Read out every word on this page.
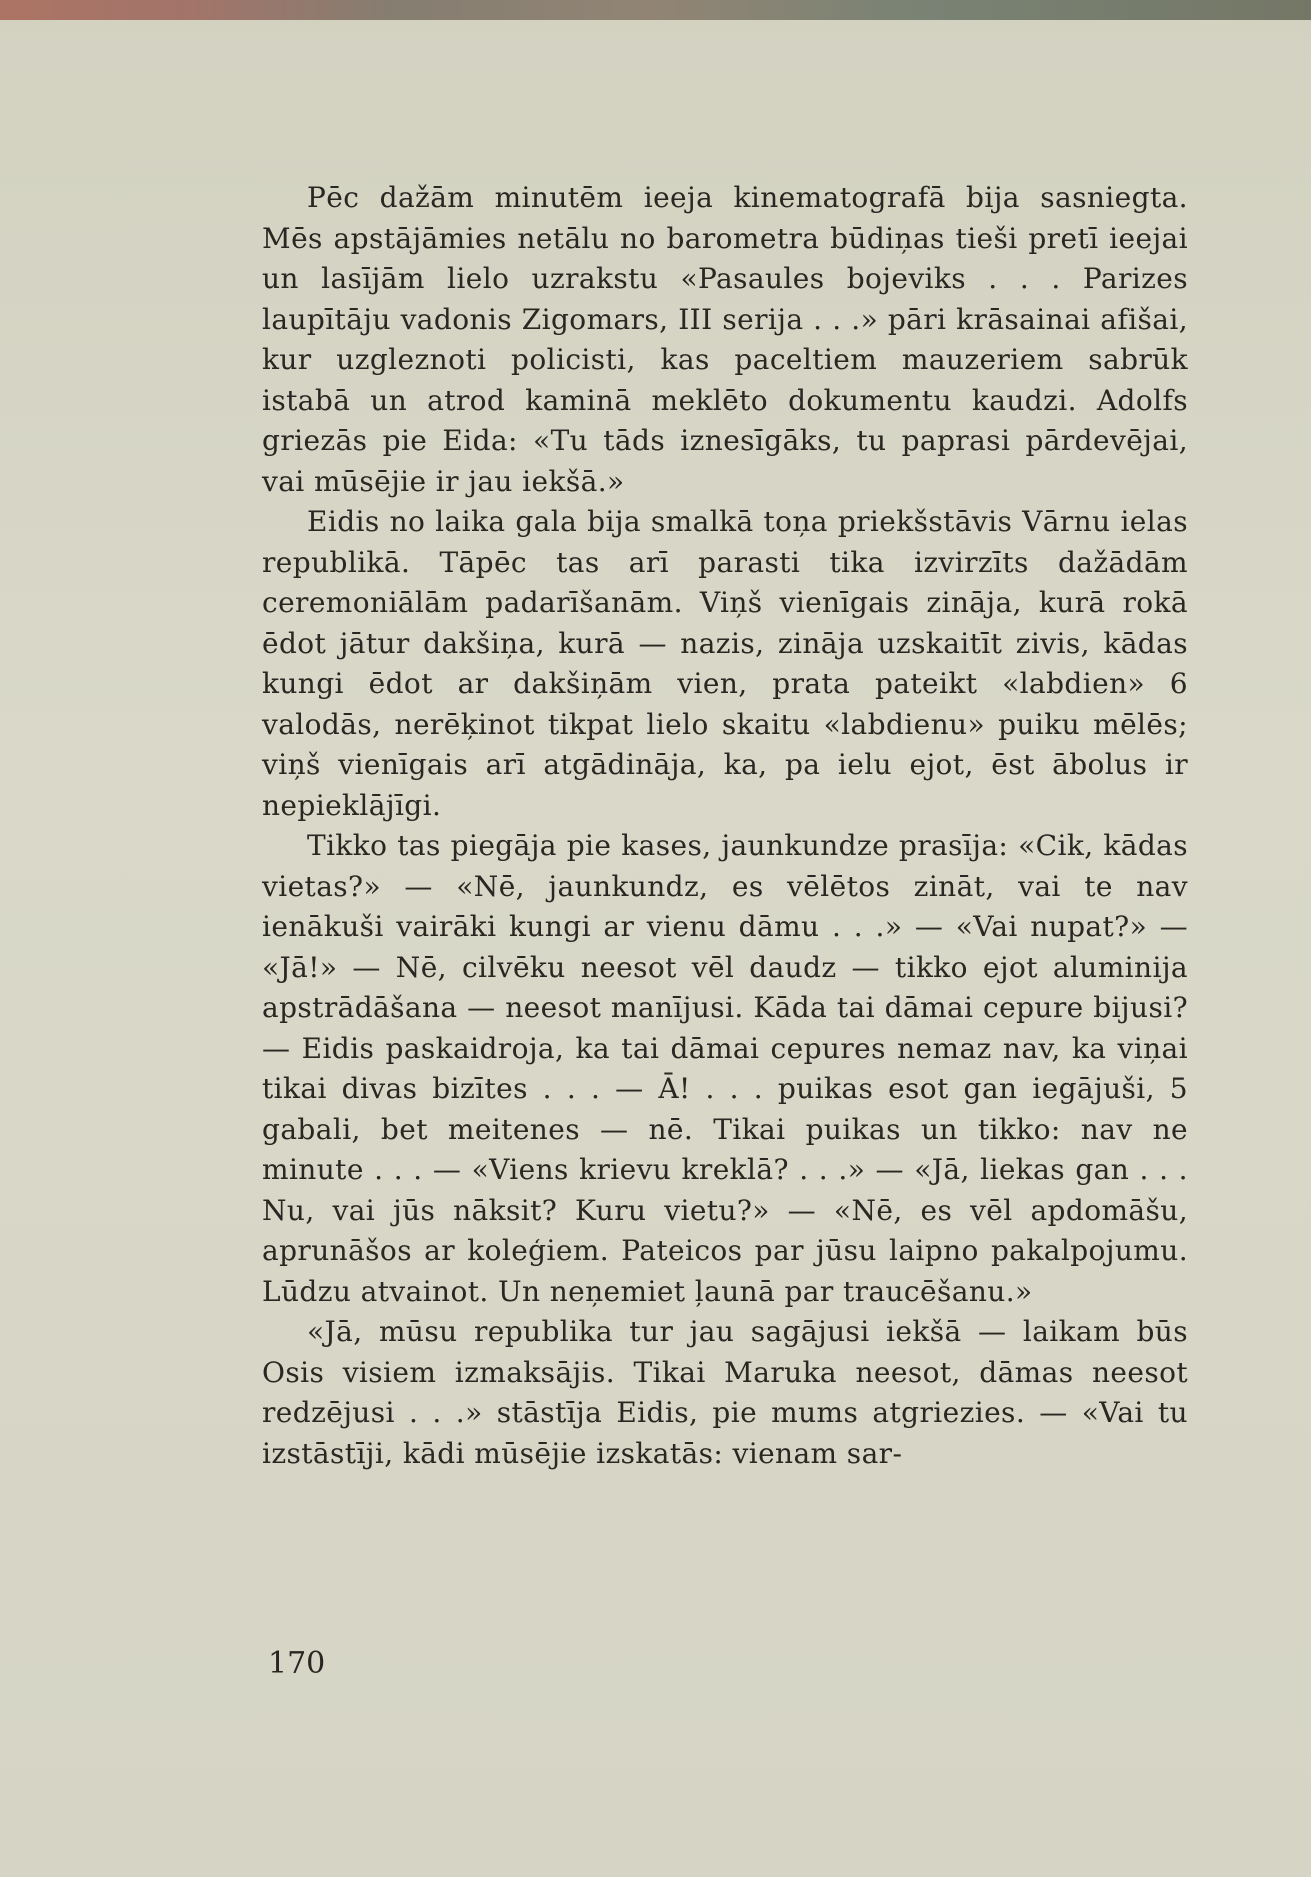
Pēc dažām minutēm ieeja kinematografā bija sasniegta. Mēs apstājāmies netālu no barometra būdiņas tieši pretī ieejai un lasījām lielo uzrakstu «Pasaules bojeviks . . . Parizes laupītāju vadonis Zigomars, III serija . . .» pāri krāsainai afišai, kur uzgleznoti policisti, kas paceltiem mauzeriem sabrūk istabā un atrod kaminā meklēto dokumentu kaudzi. Adolfs griezās pie Eida: «Tu tāds iznesīgāks, tu paprasi pārdevējai, vai mūsējie ir jau iekšā.»

Eidis no laika gala bija smalkā toņa priekšstāvis Vārnu ielas republikā. Tāpēc tas arī parasti tika izvirzīts dažādām ceremoniālām padarīšanām. Viņš vienīgais zināja, kurā rokā ēdot jātur dakšiņa, kurā — nazis, zināja uzskaitīt zivis, kādas kungi ēdot ar dakšiņām vien, prata pateikt «labdien» 6 valodās, nerēķinot tikpat lielo skaitu «labdienu» puiku mēlēs; viņš vienīgais arī atgādināja, ka, pa ielu ejot, ēst ābolus ir nepieklājīgi.

Tikko tas piegāja pie kases, jaunkundze prasīja: «Cik, kādas vietas?» — «Nē, jaunkundz, es vēlētos zināt, vai te nav ienākuši vairāki kungi ar vienu dāmu . . .» — «Vai nupat?» — «Jā!» — Nē, cilvēku neesot vēl daudz — tikko ejot aluminija apstrādāšana — neesot manījusi. Kāda tai dāmai cepure bijusi? — Eidis paskaidroja, ka tai dāmai cepures nemaz nav, ka viņai tikai divas bizītes . . . — Ā! . . . puikas esot gan iegājuši, 5 gabali, bet meitenes — nē. Tikai puikas un tikko: nav ne minute . . . — «Viens krievu kreklā? . . .» — «Jā, liekas gan . . . Nu, vai jūs nāksit? Kuru vietu?» — «Nē, es vēl apdomāšu, aprunāšos ar koleģiem. Pateicos par jūsu laipno pakalpojumu. Lūdzu atvainot. Un neņemiet ļaunā par traucēšanu.»

«Jā, mūsu republika tur jau sagājusi iekšā — laikam būs Osis visiem izmaksājis. Tikai Maruka neesot, dāmas neesot redzējusi . . .» stāstīja Eidis, pie mums atgriezies. — «Vai tu izstāstīji, kādi mūsējie izskatās: vienam sar-

170
